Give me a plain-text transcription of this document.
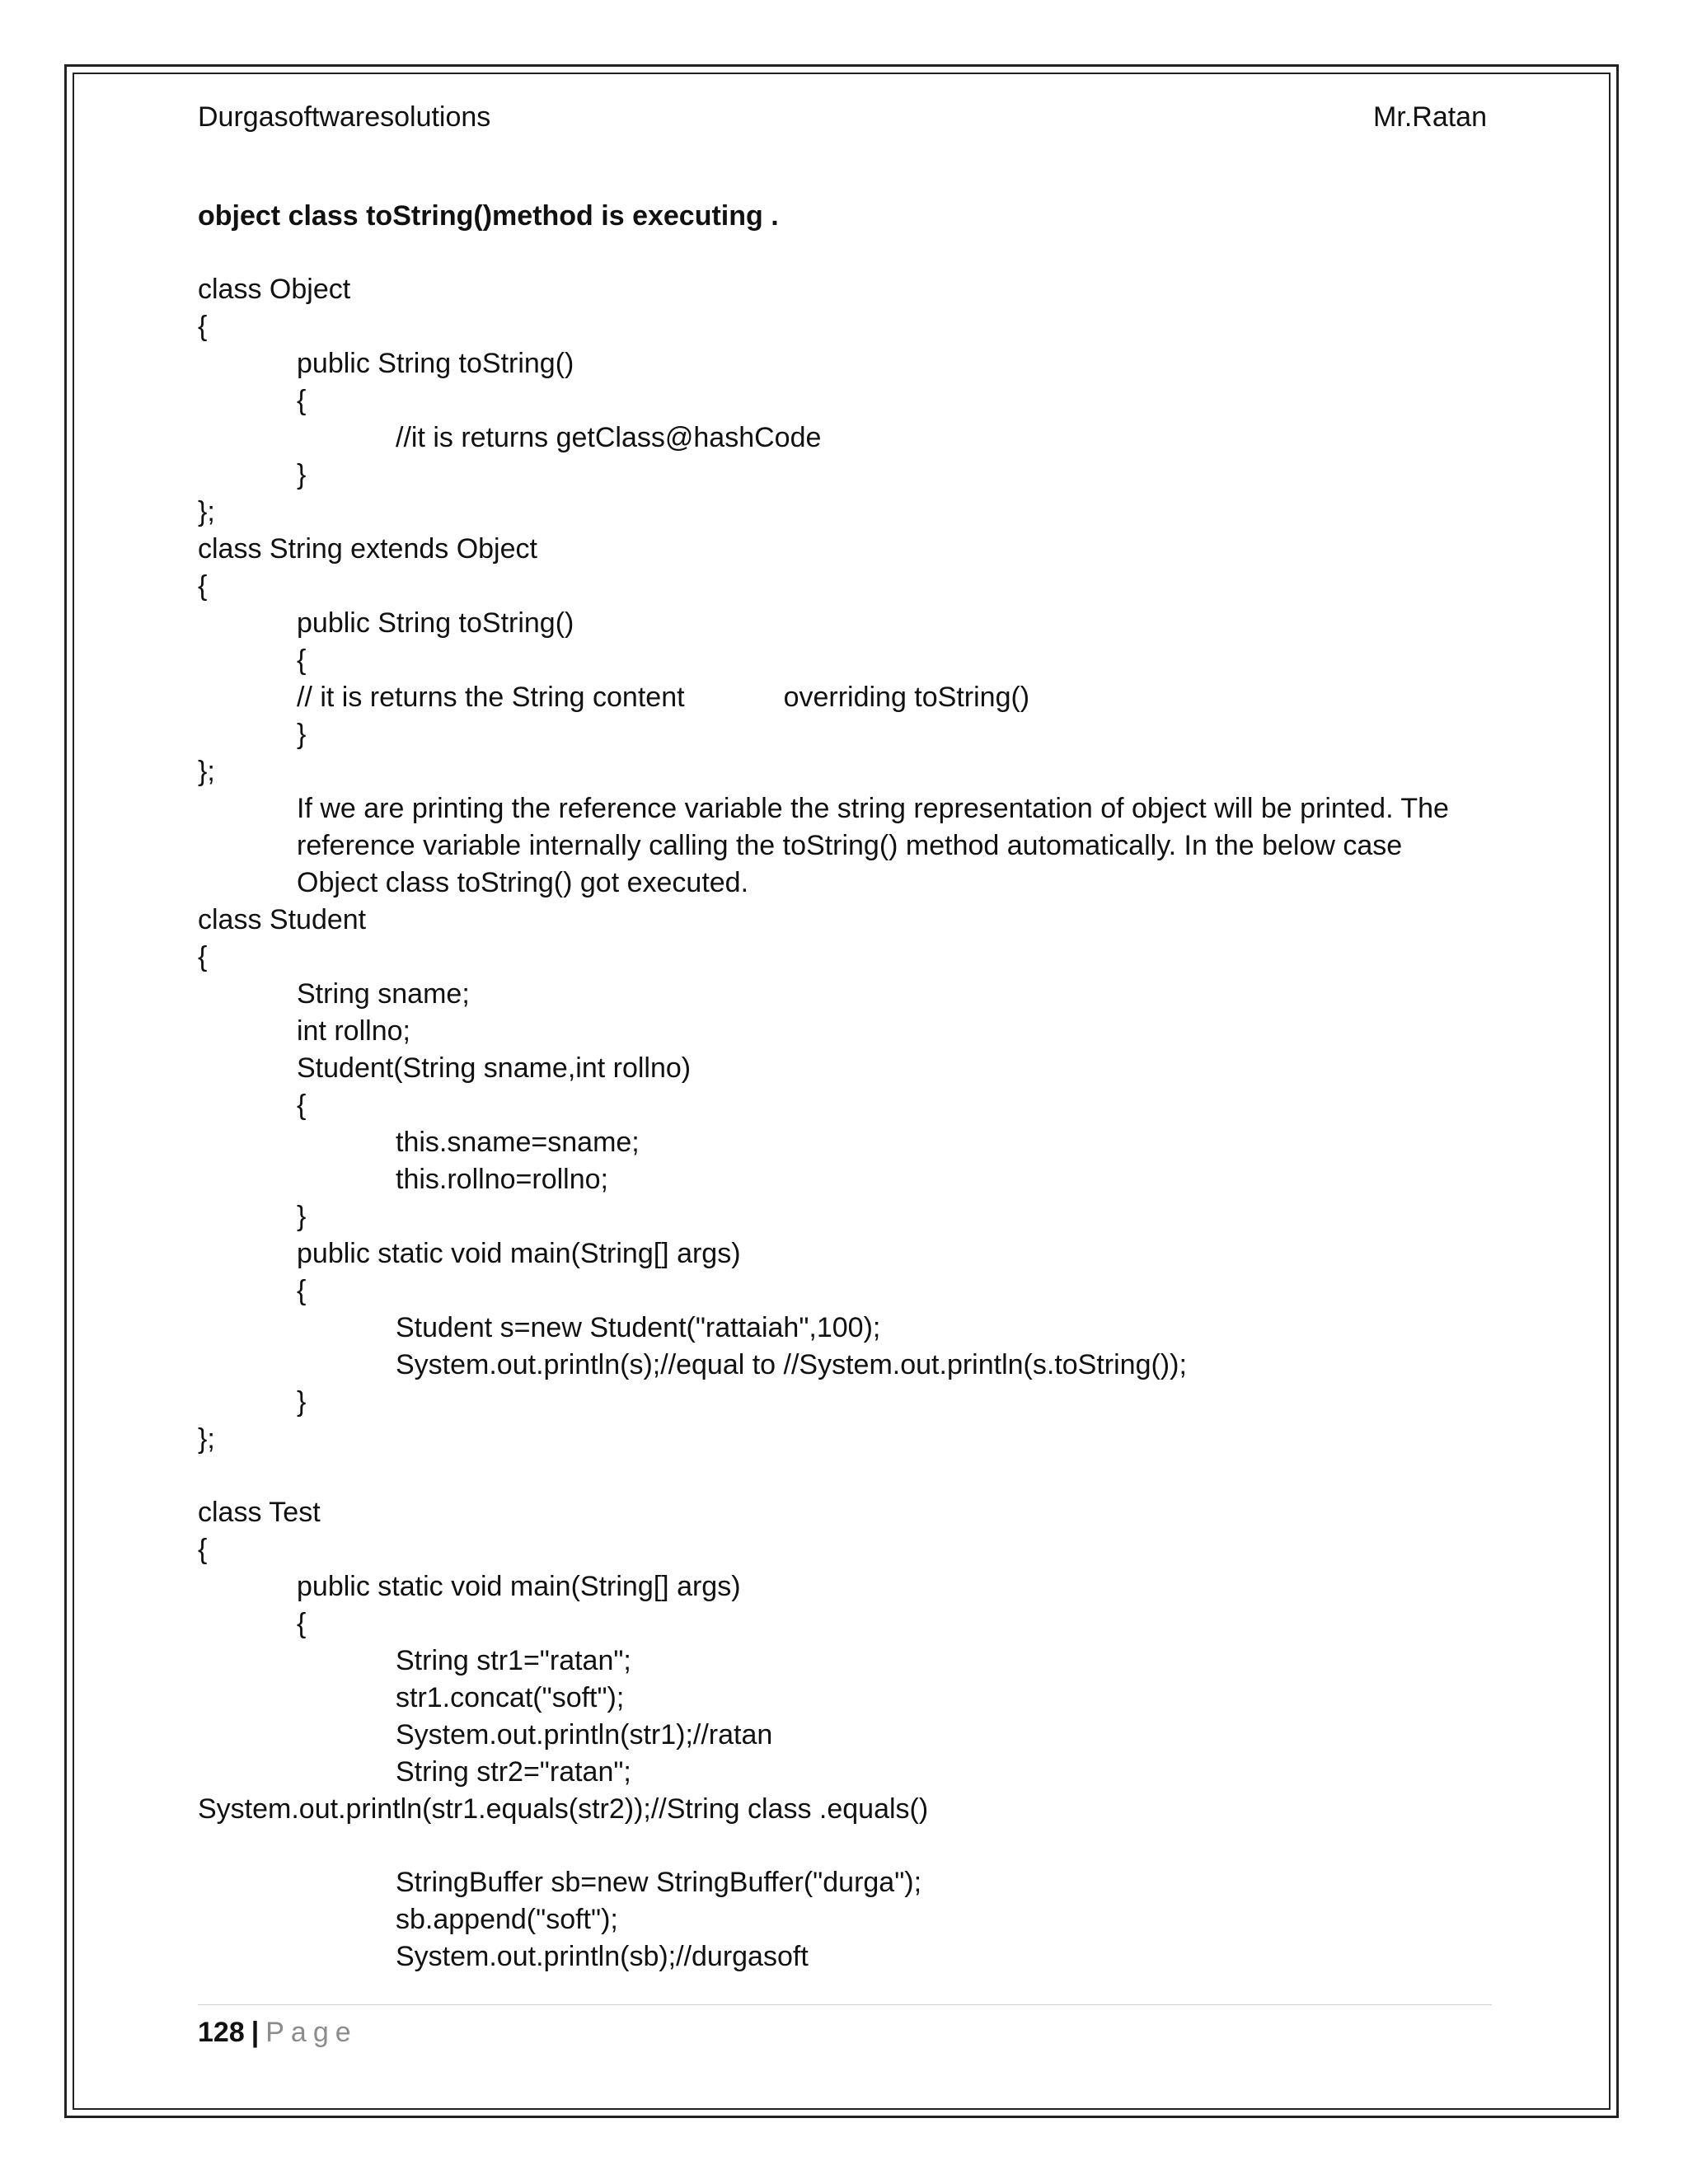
Durgasoftwaresolutions	Mr.Ratan
object class toString()method is executing .
class Object
{
public String toString()
{
//it is returns getClass@hashCode
}
};
class String extends Object
{
public String toString()
{
// it is returns the String content	overriding toString()
}
};
If we are printing the reference variable the string representation of object will be printed. The
reference variable internally calling the toString() method automatically. In the below case
Object class toString() got executed.
class Student
{
String sname;
int rollno;
Student(String sname,int rollno)
{
this.sname=sname;
this.rollno=rollno;
}
public static void main(String[] args)
{
Student s=new Student("rattaiah",100);
System.out.println(s);//equal to //System.out.println(s.toString());
}
};
class Test
{
public static void main(String[] args)
{
String str1="ratan";
str1.concat("soft");
System.out.println(str1);//ratan
String str2="ratan";
System.out.println(str1.equals(str2));//String class .equals()
StringBuffer sb=new StringBuffer("durga");
sb.append("soft");
System.out.println(sb);//durgasoft
128 | Page
